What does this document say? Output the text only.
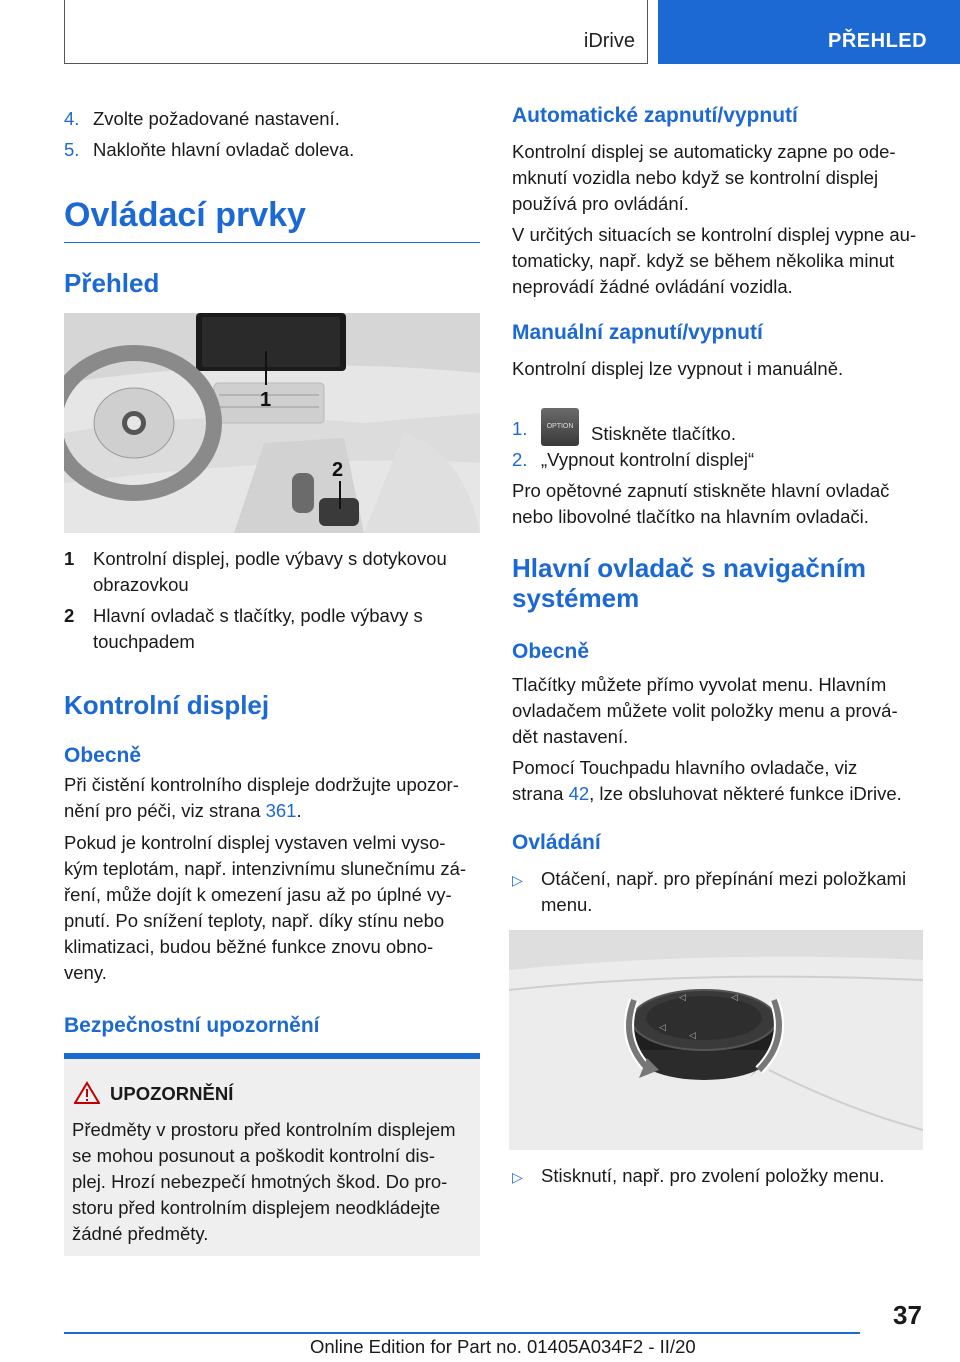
iDrive	PŘEHLED
4. Zvolte požadované nastavení.
5. Nakloňte hlavní ovladač doleva.
Ovládací prvky
Přehled
1
2
1	Kontrolní displej, podle výbavy s dotykovou
obrazovkou
2	Hlavní ovladač s tlačítky, podle výbavy s
touchpadem
Kontrolní displej
Obecně

Při čistění kontrolního displeje dodržujte upozor‐
nění pro péči, viz strana 361.

Pokud je kontrolní displej vystaven velmi vyso‐
kým teplotám, např. intenzivnímu slunečnímu zá‐
ření, může dojít k omezení jasu až po úplné vy‐
pnutí. Po snížení teploty, např. díky stínu nebo
klimatizaci, budou běžné funkce znovu obno‐
veny.

Bezpečnostní upozornění
UPOZORNĚNÍ

Předměty v prostoru před kontrolním displejem
se mohou posunout a poškodit kontrolní dis‐
plej. Hrozí nebezpečí hmotných škod. Do pro‐
storu před kontrolním displejem neodkládejte
žádné předměty.

Automatické zapnutí/vypnutí

Kontrolní displej se automaticky zapne po ode‐
mknutí vozidla nebo když se kontrolní displej
používá pro ovládání.

V určitých situacích se kontrolní displej vypne au‐
tomaticky, např. když se během několika minut
neprovádí žádné ovládání vozidla.

Manuální zapnutí/vypnutí

Kontrolní displej lze vypnout i manuálně.

1.	OPTION Stiskněte tlačítko.
2. „Vypnout kontrolní displej“

Pro opětovné zapnutí stiskněte hlavní ovladač
nebo libovolné tlačítko na hlavním ovladači.

Hlavní ovladač s navigačním
systémem
Obecně

Tlačítky můžete přímo vyvolat menu. Hlavním
ovladačem můžete volit položky menu a prová‐
dět nastavení.

Pomocí Touchpadu hlavního ovladače, viz
strana 42, lze obsluhovat některé funkce iDrive.

Ovládání
▷ Otáčení, např. pro přepínání mezi položkami
menu.
◁	◁
◁
◁
▷ Stisknutí, např. pro zvolení položky menu.
37
Online Edition for Part no. 01405A034F2 - II/20
